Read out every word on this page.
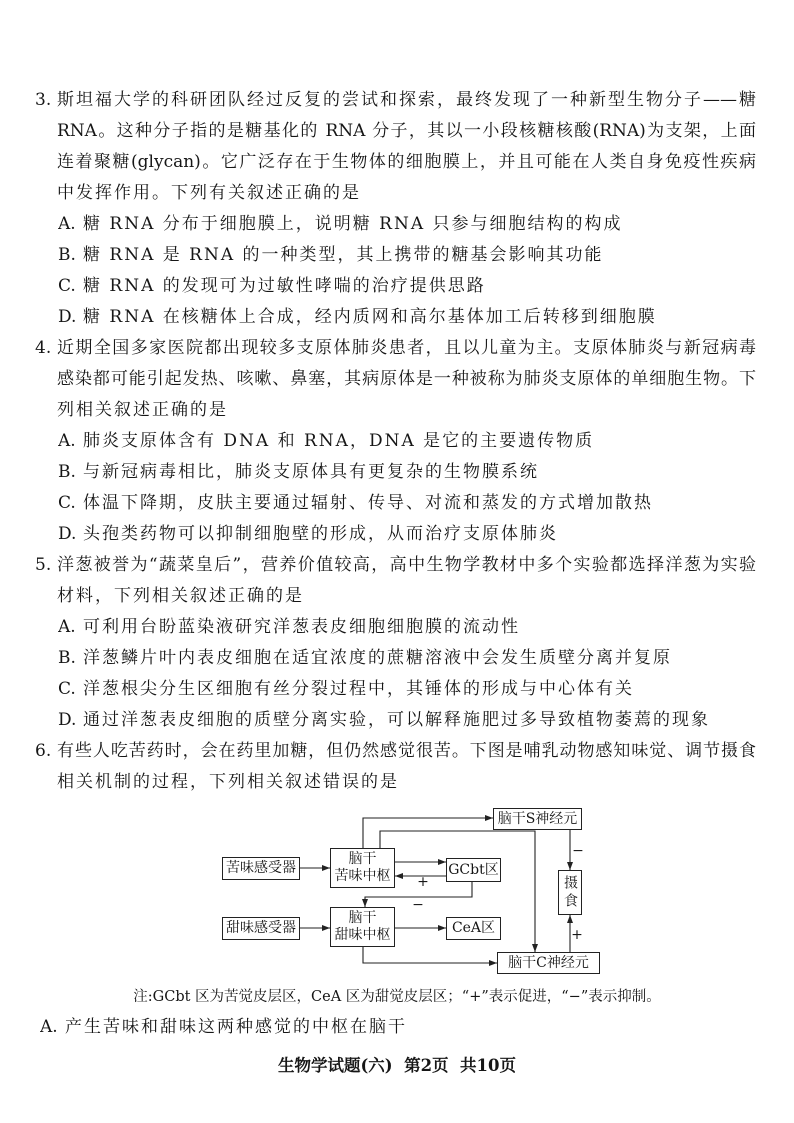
3. 斯坦福大学的科研团队经过反复的尝试和探索，最终发现了一种新型生物分子——糖
RNA。这种分子指的是糖基化的 RNA 分子，其以一小段核糖核酸(RNA)为支架，上面
连着聚糖(glycan)。它广泛存在于生物体的细胞膜上，并且可能在人类自身免疫性疾病
中发挥作用。下列有关叙述正确的是
A. 糖 RNA 分布于细胞膜上，说明糖 RNA 只参与细胞结构的构成
B. 糖 RNA 是 RNA 的一种类型，其上携带的糖基会影响其功能
C. 糖 RNA 的发现可为过敏性哮喘的治疗提供思路
D. 糖 RNA 在核糖体上合成，经内质网和高尔基体加工后转移到细胞膜
4. 近期全国多家医院都出现较多支原体肺炎患者，且以儿童为主。支原体肺炎与新冠病毒
感染都可能引起发热、咳嗽、鼻塞，其病原体是一种被称为肺炎支原体的单细胞生物。下
列相关叙述正确的是
A. 肺炎支原体含有 DNA 和 RNA，DNA 是它的主要遗传物质
B. 与新冠病毒相比，肺炎支原体具有更复杂的生物膜系统
C. 体温下降期，皮肤主要通过辐射、传导、对流和蒸发的方式增加散热
D. 头孢类药物可以抑制细胞壁的形成，从而治疗支原体肺炎
5. 洋葱被誉为“蔬菜皇后”，营养价值较高，高中生物学教材中多个实验都选择洋葱为实验
材料，下列相关叙述正确的是
A. 可利用台盼蓝染液研究洋葱表皮细胞细胞膜的流动性
B. 洋葱鳞片叶内表皮细胞在适宜浓度的蔗糖溶液中会发生质壁分离并复原
C. 洋葱根尖分生区细胞有丝分裂过程中，其锤体的形成与中心体有关
D. 通过洋葱表皮细胞的质壁分离实验，可以解释施肥过多导致植物萎蔫的现象
6. 有些人吃苦药时，会在药里加糖，但仍然感觉很苦。下图是哺乳动物感知味觉、调节摄食
相关机制的过程，下列相关叙述错误的是
苦味感受器
脑干
苦味中枢	GCbt区
脑干S神经元
摄食
甜味感受器
脑干
甜味中枢	CeA区
脑干C神经元
+
−
−
+
注:GCbt 区为苦觉皮层区，CeA 区为甜觉皮层区；“+”表示促进，“−”表示抑制。
A. 产生苦味和甜味这两种感觉的中枢在脑干
生物学试题(六)  第2页  共10页
